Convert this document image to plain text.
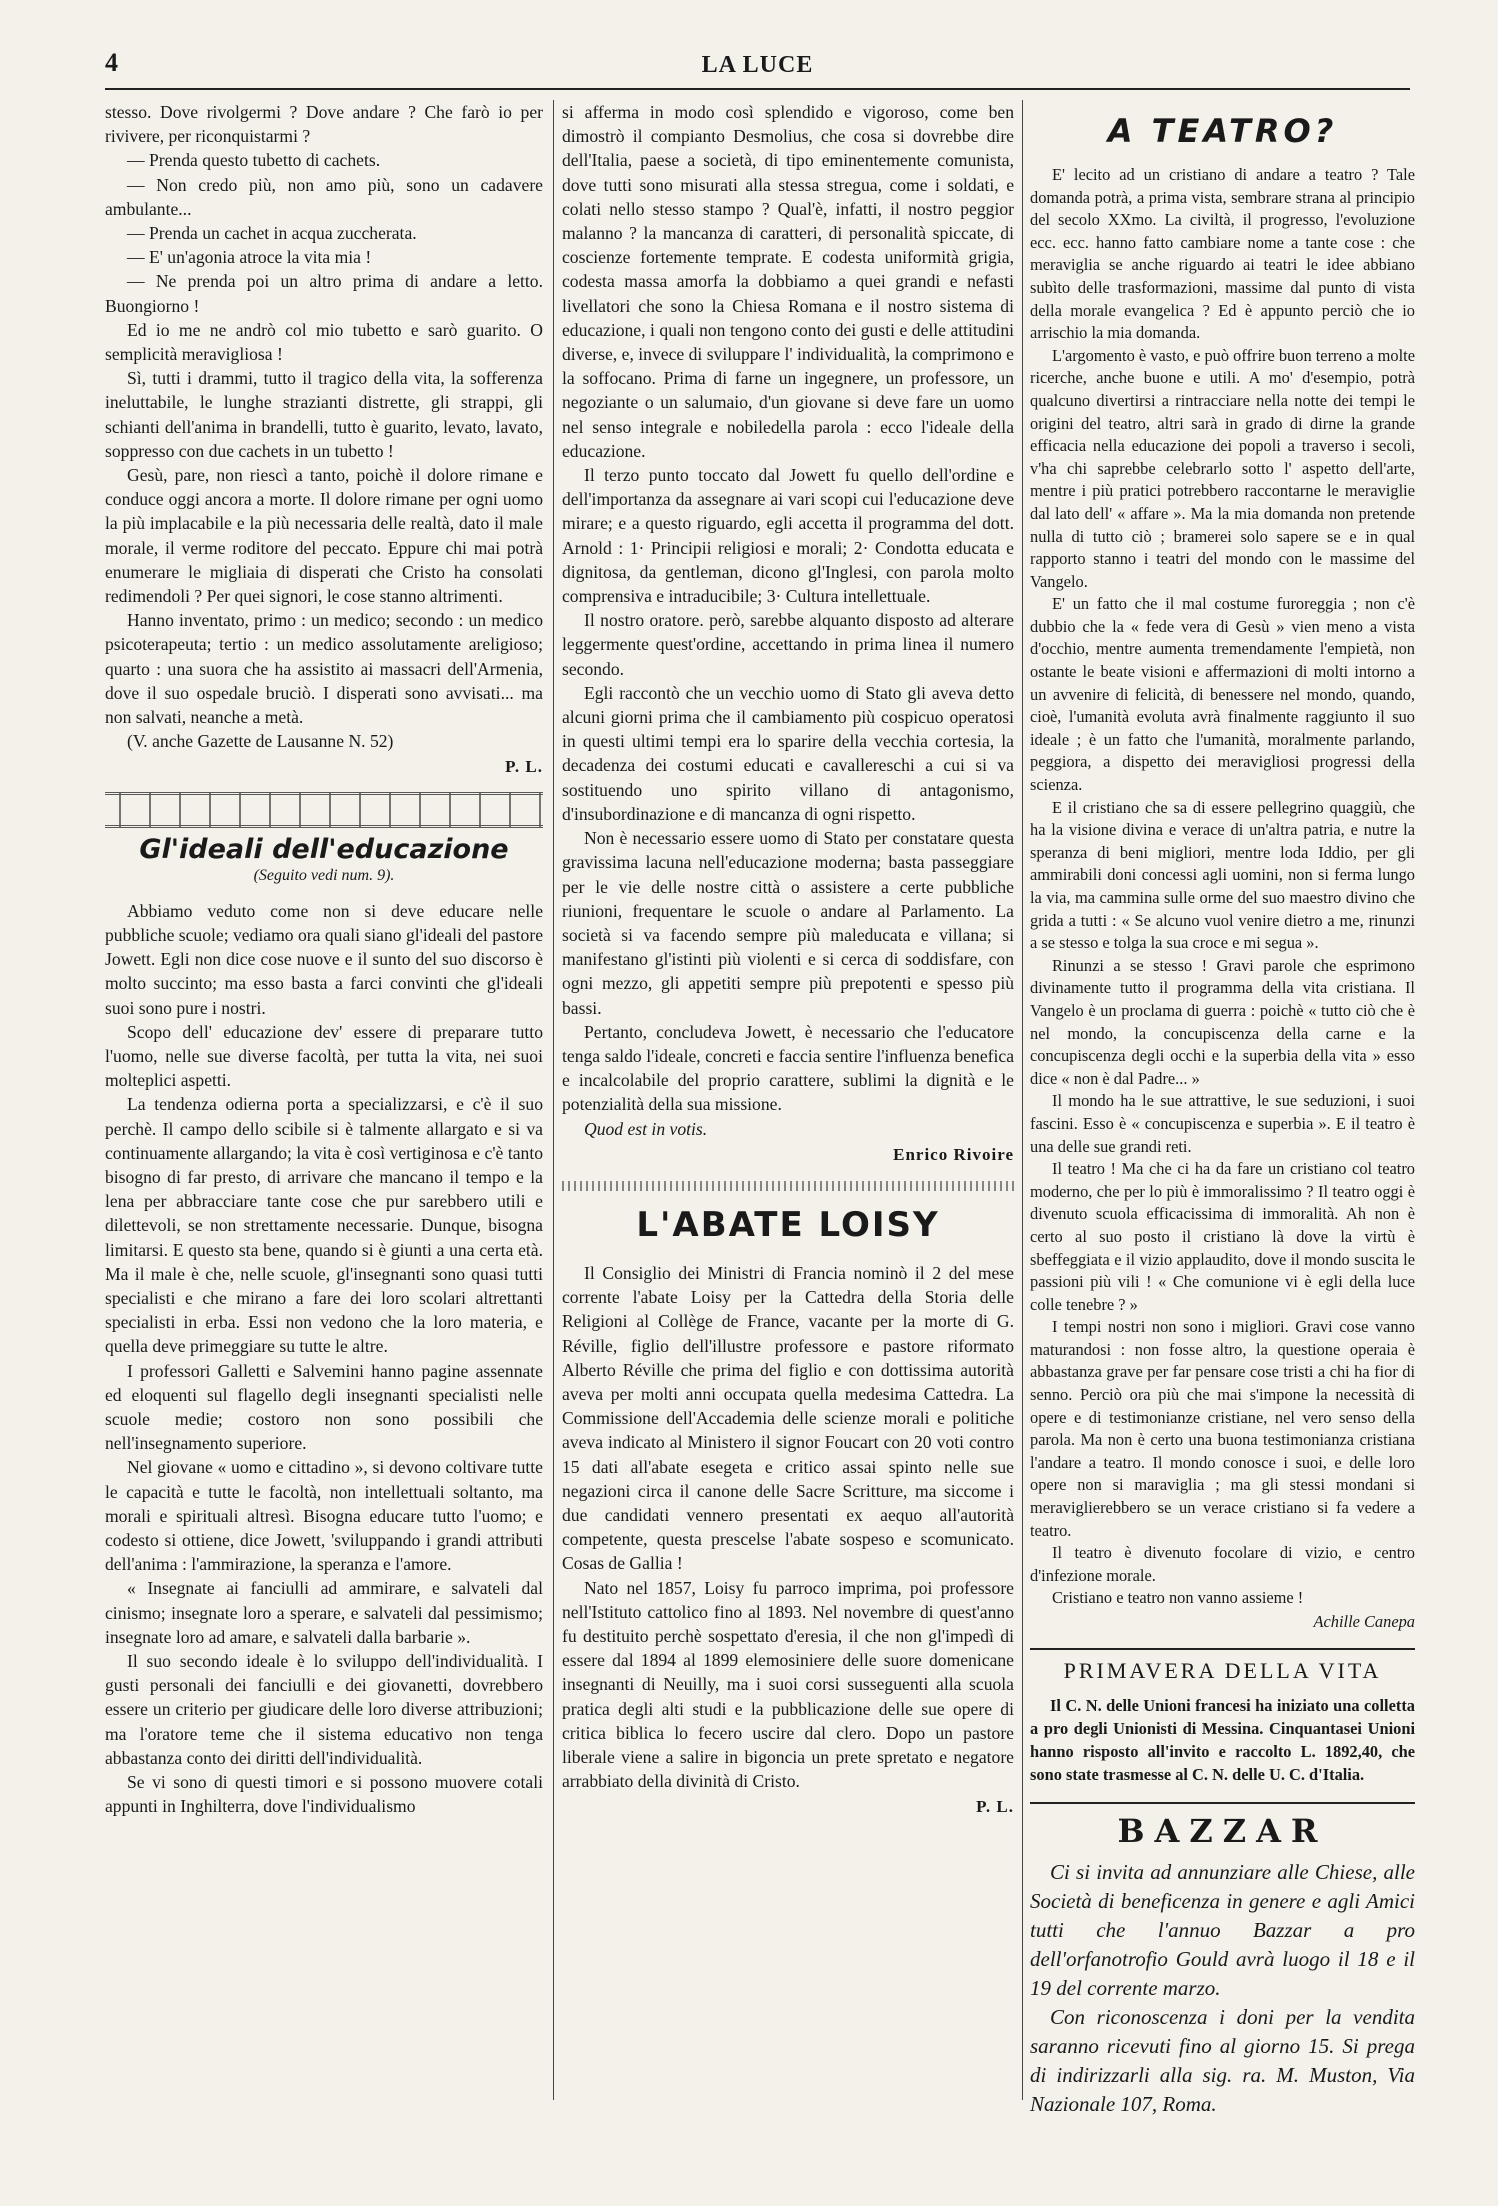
4	LA LUCE

stesso. Dove rivolgermi ? Dove andare ? Che farò io per rivivere, per riconquistarmi ?

— Prenda questo tubetto di cachets.

— Non credo più, non amo più, sono un cadavere ambulante...

— Prenda un cachet in acqua zuccherata.

— E' un'agonia atroce la vita mia !

— Ne prenda poi un altro prima di andare a letto. Buongiorno !

Ed io me ne andrò col mio tubetto e sarò guarito. O semplicità meravigliosa !

Sì, tutti i drammi, tutto il tragico della vita, la sofferenza ineluttabile, le lunghe strazianti distrette, gli strappi, gli schianti dell'anima in brandelli, tutto è guarito, levato, lavato, soppresso con due cachets in un tubetto !

Gesù, pare, non riescì a tanto, poichè il dolore rimane e conduce oggi ancora a morte. Il dolore rimane per ogni uomo la più implacabile e la più necessaria delle realtà, dato il male morale, il verme roditore del peccato. Eppure chi mai potrà enumerare le migliaia di disperati che Cristo ha consolati redimendoli ? Per quei signori, le cose stanno altrimenti.

Hanno inventato, primo : un medico; secondo : un medico psicoterapeuta; tertio : un medico assolutamente areligioso; quarto : una suora che ha assistito ai massacri dell'Armenia, dove il suo ospedale bruciò. I disperati sono avvisati... ma non salvati, neanche a metà.

(V. anche Gazette de Lausanne N. 52)

P. L.

Gl'ideali dell'educazione
(Seguito vedi num. 9).

Abbiamo veduto come non si deve educare nelle pubbliche scuole; vediamo ora quali siano gl'ideali del pastore Jowett. Egli non dice cose nuove e il sunto del suo discorso è molto succinto; ma esso basta a farci convinti che gl'ideali suoi sono pure i nostri.

Scopo dell' educazione dev' essere di preparare tutto l'uomo, nelle sue diverse facoltà, per tutta la vita, nei suoi molteplici aspetti.

La tendenza odierna porta a specializzarsi, e c'è il suo perchè. Il campo dello scibile si è talmente allargato e si va continuamente allargando; la vita è così vertiginosa e c'è tanto bisogno di far presto, di arrivare che mancano il tempo e la lena per abbracciare tante cose che pur sarebbero utili e dilettevoli, se non strettamente necessarie. Dunque, bisogna limitarsi. E questo sta bene, quando si è giunti a una certa età. Ma il male è che, nelle scuole, gl'insegnanti sono quasi tutti specialisti e che mirano a fare dei loro scolari altrettanti specialisti in erba. Essi non vedono che la loro materia, e quella deve primeggiare su tutte le altre.

I professori Galletti e Salvemini hanno pagine assennate ed eloquenti sul flagello degli insegnanti specialisti nelle scuole medie; costoro non sono possibili che nell'insegnamento superiore.

Nel giovane « uomo e cittadino », si devono coltivare tutte le capacità e tutte le facoltà, non intellettuali soltanto, ma morali e spirituali altresì. Bisogna educare tutto l'uomo; e codesto si ottiene, dice Jowett, 'sviluppando i grandi attributi dell'anima : l'ammirazione, la speranza e l'amore.

« Insegnate ai fanciulli ad ammirare, e salvateli dal cinismo; insegnate loro a sperare, e salvateli dal pessimismo; insegnate loro ad amare, e salvateli dalla barbarie ».

Il suo secondo ideale è lo sviluppo dell'individualità. I gusti personali dei fanciulli e dei giovanetti, dovrebbero essere un criterio per giudicare delle loro diverse attribuzioni; ma l'oratore teme che il sistema educativo non tenga abbastanza conto dei diritti dell'individualità.

Se vi sono di questi timori e si possono muovere cotali appunti in Inghilterra, dove l'individualismo

si afferma in modo così splendido e vigoroso, come ben dimostrò il compianto Desmolius, che cosa si dovrebbe dire dell'Italia, paese a società, di tipo eminentemente comunista, dove tutti sono misurati alla stessa stregua, come i soldati, e colati nello stesso stampo ? Qual'è, infatti, il nostro peggior malanno ? la mancanza di caratteri, di personalità spiccate, di coscienze fortemente temprate. E codesta uniformità grigia, codesta massa amorfa la dobbiamo a quei grandi e nefasti livellatori che sono la Chiesa Romana e il nostro sistema di educazione, i quali non tengono conto dei gusti e delle attitudini diverse, e, invece di sviluppare l' individualità, la comprimono e la soffocano. Prima di farne un ingegnere, un professore, un negoziante o un salumaio, d'un giovane si deve fare un uomo nel senso integrale e nobiledella parola : ecco l'ideale della educazione.

Il terzo punto toccato dal Jowett fu quello dell'ordine e dell'importanza da assegnare ai vari scopi cui l'educazione deve mirare; e a questo riguardo, egli accetta il programma del dott. Arnold : 1· Principii religiosi e morali; 2· Condotta educata e dignitosa, da gentleman, dicono gl'Inglesi, con parola molto comprensiva e intraducibile; 3· Cultura intellettuale.

Il nostro oratore. però, sarebbe alquanto disposto ad alterare leggermente quest'ordine, accettando in prima linea il numero secondo.

Egli raccontò che un vecchio uomo di Stato gli aveva detto alcuni giorni prima che il cambiamento più cospicuo operatosi in questi ultimi tempi era lo sparire della vecchia cortesia, la decadenza dei costumi educati e cavallereschi a cui si va sostituendo uno spirito villano di antagonismo, d'insubordinazione e di mancanza di ogni rispetto.

Non è necessario essere uomo di Stato per constatare questa gravissima lacuna nell'educazione moderna; basta passeggiare per le vie delle nostre città o assistere a certe pubbliche riunioni, frequentare le scuole o andare al Parlamento. La società si va facendo sempre più maleducata e villana; si manifestano gl'istinti più violenti e si cerca di soddisfare, con ogni mezzo, gli appetiti sempre più prepotenti e spesso più bassi.

Pertanto, concludeva Jowett, è necessario che l'educatore tenga saldo l'ideale, concreti e faccia sentire l'influenza benefica e incalcolabile del proprio carattere, sublimi la dignità e le potenzialità della sua missione.

Quod est in votis.

Enrico Rivoire

L'ABATE LOISY

Il Consiglio dei Ministri di Francia nominò il 2 del mese corrente l'abate Loisy per la Cattedra della Storia delle Religioni al Collège de France, vacante per la morte di G. Réville, figlio dell'illustre professore e pastore riformato Alberto Réville che prima del figlio e con dottissima autorità aveva per molti anni occupata quella medesima Cattedra. La Commissione dell'Accademia delle scienze morali e politiche aveva indicato al Ministero il signor Foucart con 20 voti contro 15 dati all'abate esegeta e critico assai spinto nelle sue negazioni circa il canone delle Sacre Scritture, ma siccome i due candidati vennero presentati ex aequo all'autorità competente, questa prescelse l'abate sospeso e scomunicato. Cosas de Gallia !

Nato nel 1857, Loisy fu parroco imprima, poi professore nell'Istituto cattolico fino al 1893. Nel novembre di quest'anno fu destituito perchè sospettato d'eresia, il che non gl'impedì di essere dal 1894 al 1899 elemosiniere delle suore domenicane insegnanti di Neuilly, ma i suoi corsi susseguenti alla scuola pratica degli alti studi e la pubblicazione delle sue opere di critica biblica lo fecero uscire dal clero. Dopo un pastore liberale viene a salire in bigoncia un prete spretato e negatore arrabbiato della divinità di Cristo.

P. L.

A TEATRO?

E' lecito ad un cristiano di andare a teatro ? Tale domanda potrà, a prima vista, sembrare strana al principio del secolo XXmo. La civiltà, il progresso, l'evoluzione ecc. ecc. hanno fatto cambiare nome a tante cose : che meraviglia se anche riguardo ai teatri le idee abbiano subìto delle trasformazioni, massime dal punto di vista della morale evangelica ? Ed è appunto perciò che io arrischio la mia domanda.

L'argomento è vasto, e può offrire buon terreno a molte ricerche, anche buone e utili. A mo' d'esempio, potrà qualcuno divertirsi a rintracciare nella notte dei tempi le origini del teatro, altri sarà in grado di dirne la grande efficacia nella educazione dei popoli a traverso i secoli, v'ha chi saprebbe celebrarlo sotto l' aspetto dell'arte, mentre i più pratici potrebbero raccontarne le meraviglie dal lato dell' « affare ». Ma la mia domanda non pretende nulla di tutto ciò ; bramerei solo sapere se e in qual rapporto stanno i teatri del mondo con le massime del Vangelo.

E' un fatto che il mal costume furoreggia ; non c'è dubbio che la « fede vera di Gesù » vien meno a vista d'occhio, mentre aumenta tremendamente l'empietà, non ostante le beate visioni e affermazioni di molti intorno a un avvenire di felicità, di benessere nel mondo, quando, cioè, l'umanità evoluta avrà finalmente raggiunto il suo ideale ; è un fatto che l'umanità, moralmente parlando, peggiora, a dispetto dei meravigliosi progressi della scienza.

E il cristiano che sa di essere pellegrino quaggiù, che ha la visione divina e verace di un'altra patria, e nutre la speranza di beni migliori, mentre loda Iddio, per gli ammirabili doni concessi agli uomini, non si ferma lungo la via, ma cammina sulle orme del suo maestro divino che grida a tutti : « Se alcuno vuol venire dietro a me, rinunzi a se stesso e tolga la sua croce e mi segua ».

Rinunzi a se stesso ! Gravi parole che esprimono divinamente tutto il programma della vita cristiana. Il Vangelo è un proclama di guerra : poichè « tutto ciò che è nel mondo, la concupiscenza della carne e la concupiscenza degli occhi e la superbia della vita » esso dice « non è dal Padre... »

Il mondo ha le sue attrattive, le sue seduzioni, i suoi fascini. Esso è « concupiscenza e superbia ». E il teatro è una delle sue grandi reti.

Il teatro ! Ma che ci ha da fare un cristiano col teatro moderno, che per lo più è immoralissimo ? Il teatro oggi è divenuto scuola efficacissima di immoralità. Ah non è certo al suo posto il cristiano là dove la virtù è sbeffeggiata e il vizio applaudito, dove il mondo suscita le passioni più vili ! « Che comunione vi è egli della luce colle tenebre ? »

I tempi nostri non sono i migliori. Gravi cose vanno maturandosi : non fosse altro, la questione operaia è abbastanza grave per far pensare cose tristi a chi ha fior di senno. Perciò ora più che mai s'impone la necessità di opere e di testimonianze cristiane, nel vero senso della parola. Ma non è certo una buona testimonianza cristiana l'andare a teatro. Il mondo conosce i suoi, e delle loro opere non si maraviglia ; ma gli stessi mondani si meraviglierebbero se un verace cristiano si fa vedere a teatro.

Il teatro è divenuto focolare di vizio, e centro d'infezione morale.

Cristiano e teatro non vanno assieme !

Achille Canepa

PRIMAVERA DELLA VITA

Il C. N. delle Unioni francesi ha iniziato una colletta a pro degli Unionisti di Messina. Cinquantasei Unioni hanno risposto all'invito e raccolto L. 1892,40, che sono state trasmesse al C. N. delle U. C. d'Italia.

BAZZAR

Ci si invita ad annunziare alle Chiese, alle Società di beneficenza in genere e agli Amici tutti che l'annuo Bazzar a pro dell'orfanotrofio Gould avrà luogo il 18 e il 19 del corrente marzo.

Con riconoscenza i doni per la vendita saranno ricevuti fino al giorno 15. Si prega di indirizzarli alla sig. ra. M. Muston, Via Nazionale 107, Roma.
